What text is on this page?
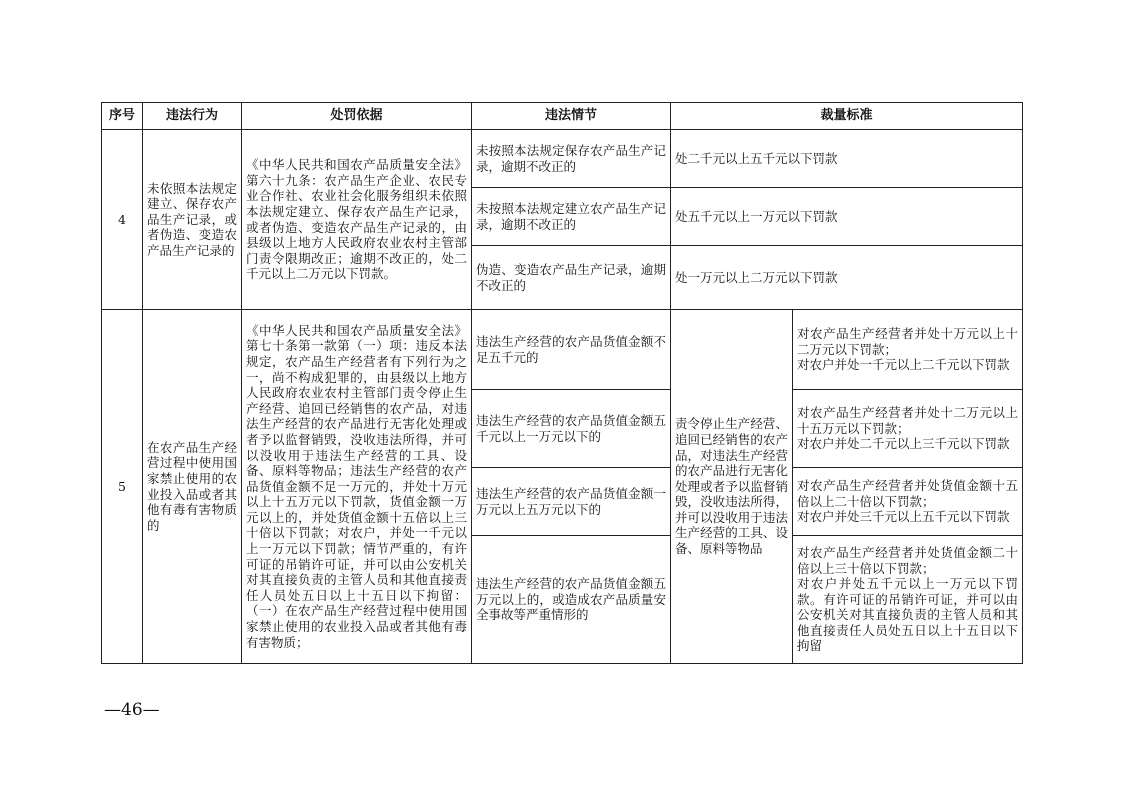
序号	违法行为	处罚依据	违法情节	裁量标准	
4	未依照本法规定建立、保存农产品生产记录，或者伪造、变造农产品生产记录的	《中华人民共和国农产品质量安全法》第六十九条：农产品生产企业、农民专业合作社、农业社会化服务组织未依照本法规定建立、保存农产品生产记录，或者伪造、变造农产品生产记录的，由县级以上地方人民政府农业农村主管部门责令限期改正；逾期不改正的，处二千元以上二万元以下罚款。	未按照本法规定保存农产品生产记录，逾期不改正的	处二千元以上五千元以下罚款	
			未按照本法规定建立农产品生产记录，逾期不改正的	处五千元以上一万元以下罚款	
			伪造、变造农产品生产记录，逾期不改正的	处一万元以上二万元以下罚款	
5	在农产品生产经营过程中使用国家禁止使用的农业投入品或者其他有毒有害物质的	《中华人民共和国农产品质量安全法》第七十条第一款第（一）项：违反本法规定，农产品生产经营者有下列行为之一，尚不构成犯罪的，由县级以上地方人民政府农业农村主管部门责令停止生产经营、追回已经销售的农产品，对违法生产经营的农产品进行无害化处理或者予以监督销毁，没收违法所得，并可以没收用于违法生产经营的工具、设备、原料等物品；违法生产经营的农产品货值金额不足一万元的，并处十万元以上十五万元以下罚款，货值金额一万元以上的，并处货值金额十五倍以上三十倍以下罚款；对农户，并处一千元以上一万元以下罚款；情节严重的，有许可证的吊销许可证，并可以由公安机关对其直接负责的主管人员和其他直接责任人员处五日以上十五日以下拘留：（一）在农产品生产经营过程中使用国家禁止使用的农业投入品或者其他有毒有害物质；	违法生产经营的农产品货值金额不足五千元的	责令停止生产经营、追回已经销售的农产品，对违法生产经营的农产品进行无害化处理或者予以监督销毁，没收违法所得，并可以没收用于违法生产经营的工具、设备、原料等物品	对农产品生产经营者并处十万元以上十二万元以下罚款；
对农户并处一千元以上二千元以下罚款

			违法生产经营的农产品货值金额五千元以上一万元以下的		对农产品生产经营者并处十二万元以上十五万元以下罚款；
对农户并处二千元以上三千元以下罚款

			违法生产经营的农产品货值金额一万元以上五万元以下的		对农产品生产经营者并处货值金额十五倍以上二十倍以下罚款；
对农户并处三千元以上五千元以下罚款

			违法生产经营的农产品货值金额五万元以上的，或造成农产品质量安全事故等严重情形的		对农产品生产经营者并处货值金额二十倍以上三十倍以下罚款；
对农户并处五千元以上一万元以下罚款。有许可证的吊销许可证，并可以由公安机关对其直接负责的主管人员和其他直接责任人员处五日以上十五日以下拘留
—46—
